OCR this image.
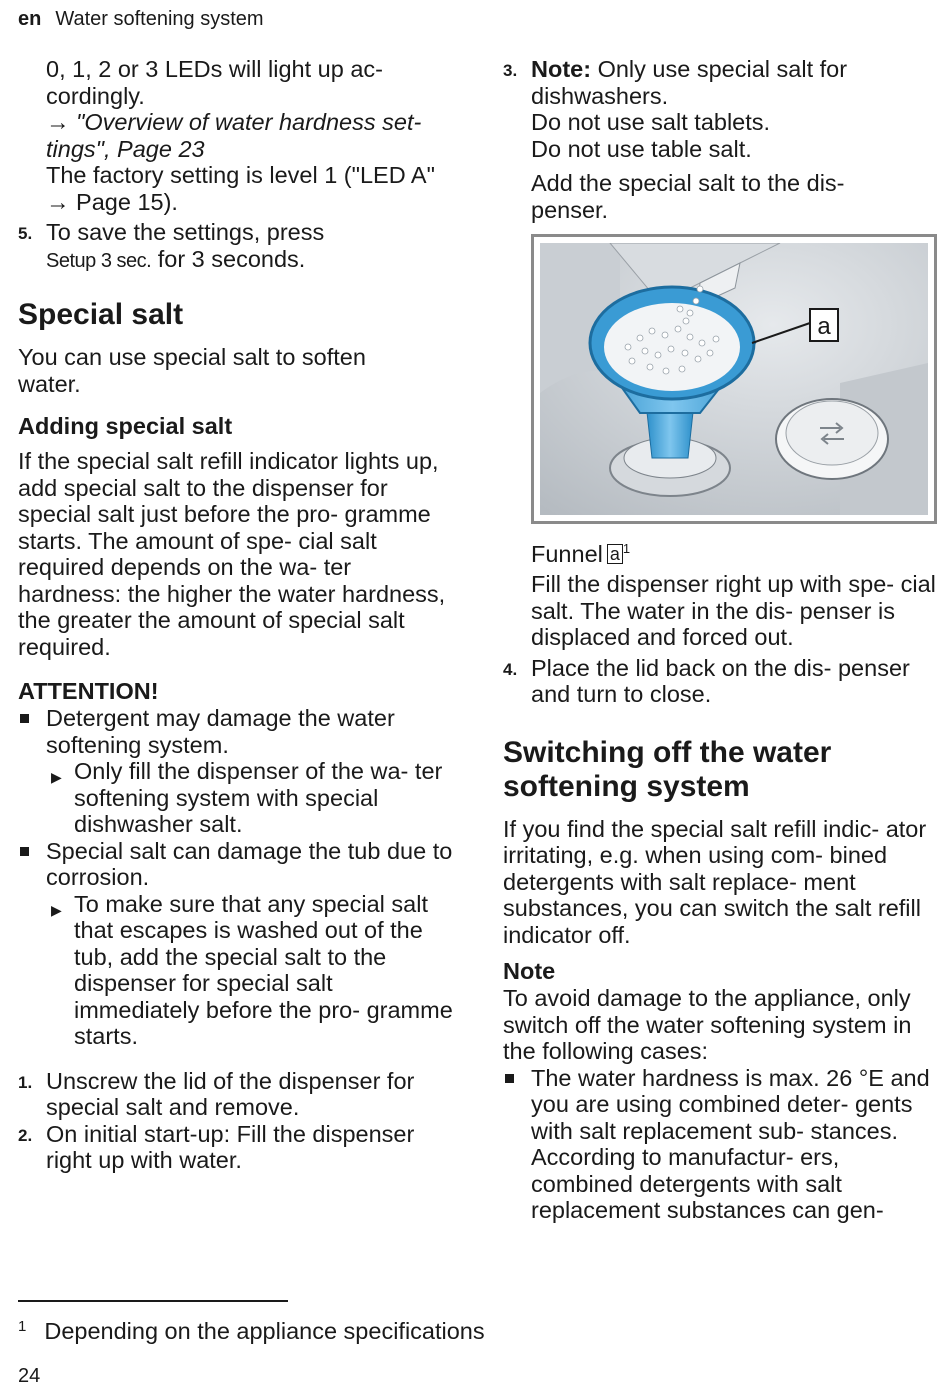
en Water softening system

0, 1, 2 or 3 LEDs will light up ac- cordingly.

→ "Overview of water hardness set- tings", Page 23

The factory setting is level 1 ("LED A" → Page 15).

5. To save the settings, press
Setup 3 sec. for 3 seconds.
Special salt

You can use special salt to soften water.

Adding special salt

If the special salt refill indicator lights up, add special salt to the dispenser for special salt just before the pro- gramme starts. The amount of spe- cial salt required depends on the wa- ter hardness: the higher the water hardness, the greater the amount of special salt required.

ATTENTION!
Detergent may damage the water softening system.
▶ Only fill the dispenser of the wa- ter softening system with special dishwasher salt.
Special salt can damage the tub due to corrosion.
▶ To make sure that any special salt that escapes is washed out of the tub, add the special salt to the dispenser for special salt immediately before the pro- gramme starts.
1. Unscrew the lid of the dispenser for special salt and remove.
2. On initial start-up: Fill the dispenser right up with water.
3. Note: Only use special salt for dishwashers.
Do not use salt tablets.
Do not use table salt.
Add the special salt to the dis- penser.
a
Funnel a $^1$

Fill the dispenser right up with spe- cial salt. The water in the dis- penser is displaced and forced out.

4. Place the lid back on the dis- penser and turn to close.
Switching off the water softening system

If you find the special salt refill indic- ator irritating, e.g. when using com- bined detergents with salt replace- ment substances, you can switch the salt refill indicator off.

Note

To avoid damage to the appliance, only switch off the water softening system in the following cases:

The water hardness is max. 26 °E and you are using combined deter- gents with salt replacement sub- stances. According to manufactur- ers, combined detergents with salt replacement substances can gen-
$^1$ Depending on the appliance specifications
24
